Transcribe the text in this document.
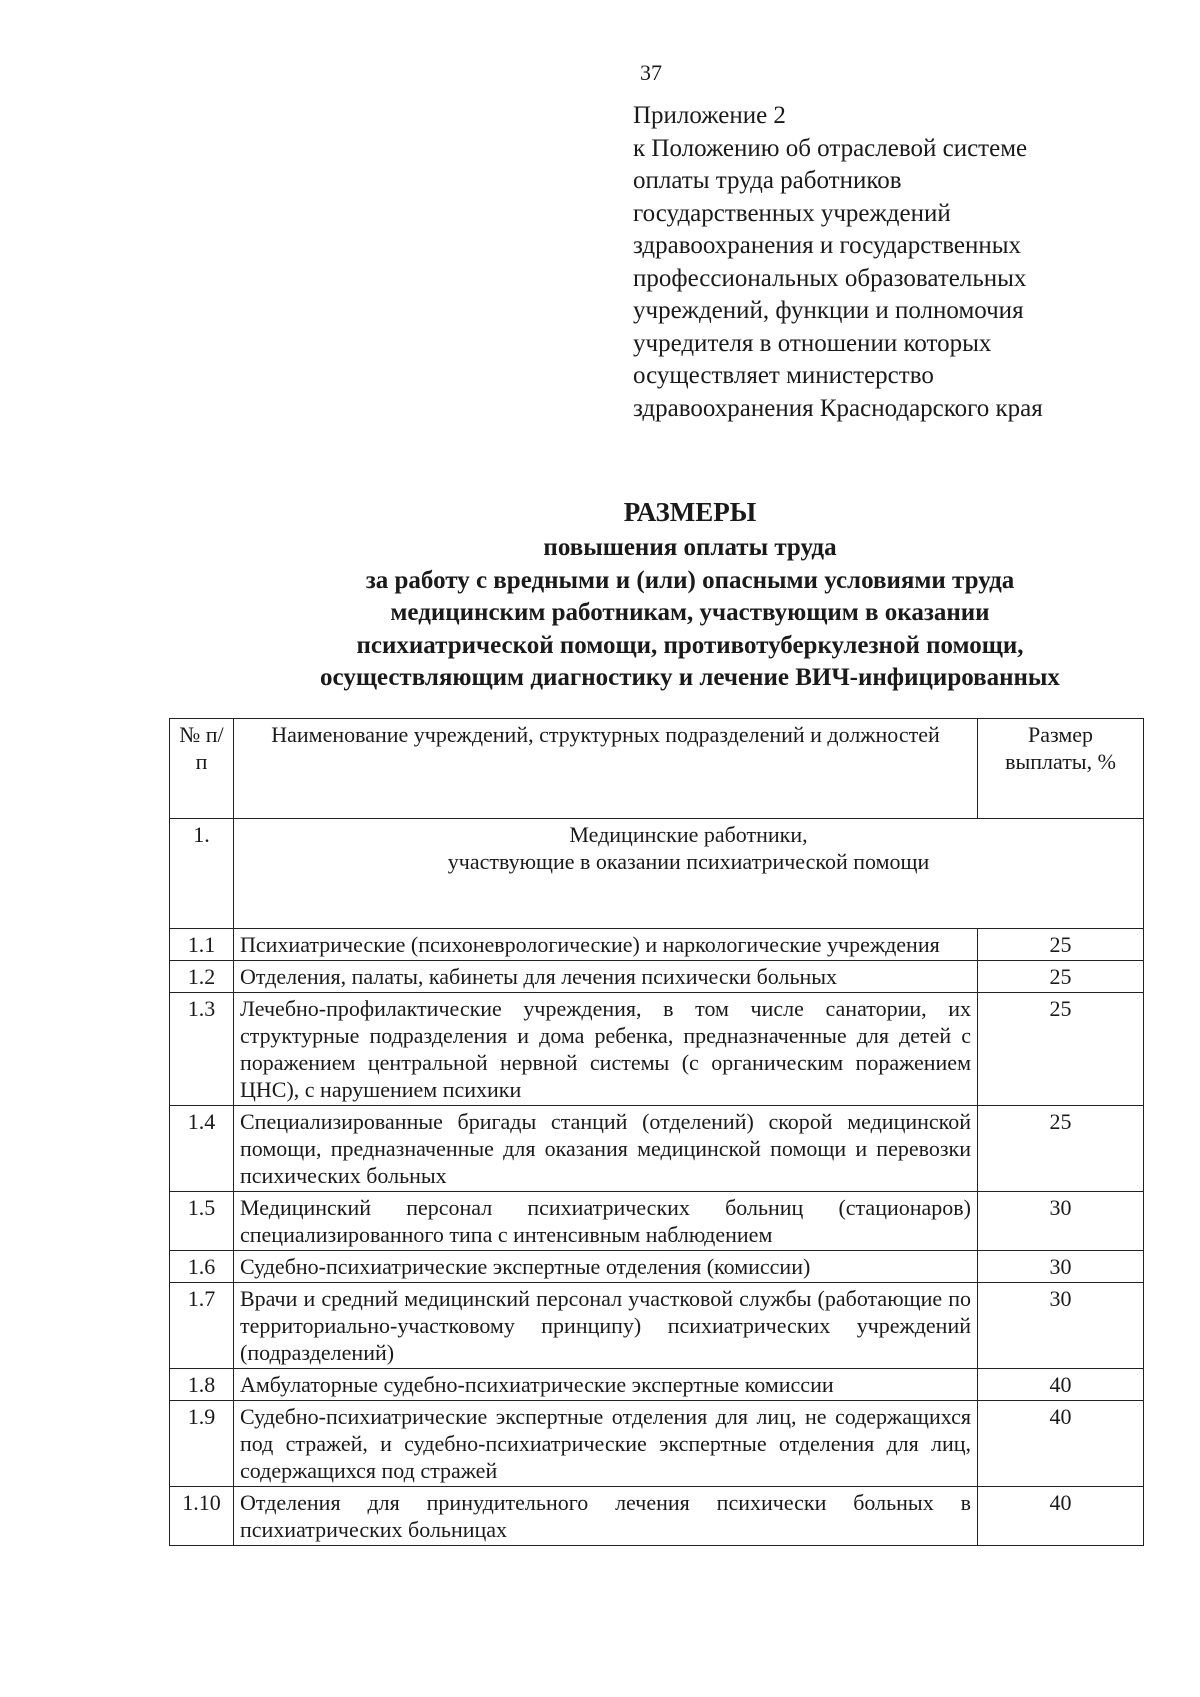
37
Приложение 2
к Положению об отраслевой системе
оплаты труда работников
государственных учреждений
здравоохранения и государственных
профессиональных образовательных
учреждений, функции и полномочия
учредителя в отношении которых
осуществляет министерство
здравоохранения Краснодарского края
РАЗМЕРЫ
повышения оплаты труда
за работу с вредными и (или) опасными условиями труда
медицинским работникам, участвующим в оказании
психиатрической помощи, противотуберкулезной помощи,
осуществляющим диагностику и лечение ВИЧ-инфицированных
№ п/п	Наименование учреждений, структурных подразделений и должностей	Размер выплаты, %
1.	Медицинские работники,
участвующие в оказании психиатрической помощи	

1.1	Психиатрические (психоневрологические) и наркологические учреждения	25
1.2	Отделения, палаты, кабинеты для лечения психически больных	25
1.3	Лечебно-профилактические учреждения, в том числе санатории, их структурные подразделения и дома ребенка, предназначенные для детей с поражением центральной нервной системы (с органическим поражением ЦНС), с нарушением психики	25
1.4	Специализированные бригады станций (отделений) скорой медицинской помощи, предназначенные для оказания медицинской помощи и перевозки психических больных	25
1.5	Медицинский персонал психиатрических больниц (стационаров) специализированного типа с интенсивным наблюдением	30
1.6	Судебно-психиатрические экспертные отделения (комиссии)	30
1.7	Врачи и средний медицинский персонал участковой службы (работающие по территориально-участковому принципу) психиатрических учреждений (подразделений)	30
1.8	Амбулаторные судебно-психиатрические экспертные комиссии	40
1.9	Судебно-психиатрические экспертные отделения для лиц, не содержащихся под стражей, и судебно-психиатрические экспертные отделения для лиц, содержащихся под стражей	40
1.10	Отделения для принудительного лечения психически больных в психиатрических больницах	40
